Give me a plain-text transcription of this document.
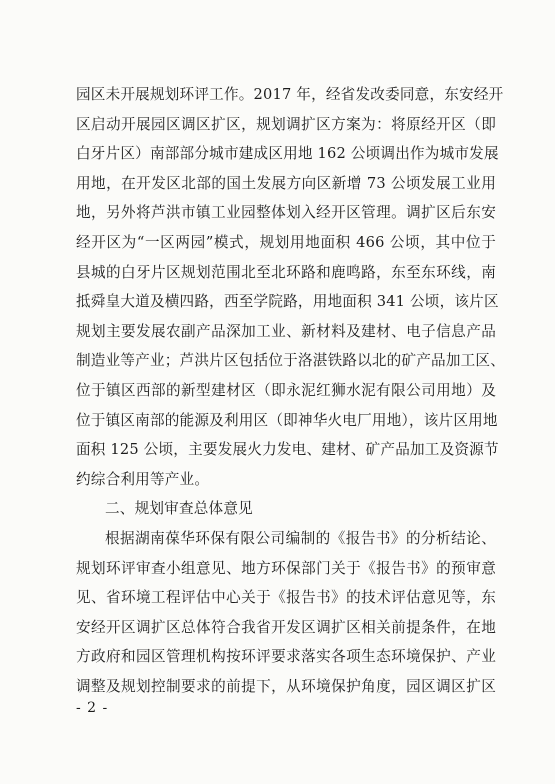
园区未开展规划环评工作。2017 年，经省发改委同意，东安经开
区启动开展园区调区扩区，规划调扩区方案为：将原经开区（即
白牙片区）南部部分城市建成区用地 162 公顷调出作为城市发展
用地，在开发区北部的国土发展方向区新增 73 公顷发展工业用
地，另外将芦洪市镇工业园整体划入经开区管理。调扩区后东安
经开区为“一区两园”模式，规划用地面积 466 公顷，其中位于
县城的白牙片区规划范围北至北环路和鹿鸣路，东至东环线，南
抵舜皇大道及横四路，西至学院路，用地面积 341 公顷，该片区
规划主要发展农副产品深加工业、新材料及建材、电子信息产品
制造业等产业；芦洪片区包括位于洛湛铁路以北的矿产品加工区、
位于镇区西部的新型建材区（即永泥红狮水泥有限公司用地）及
位于镇区南部的能源及利用区（即神华火电厂用地），该片区用地
面积 125 公顷，主要发展火力发电、建材、矿产品加工及资源节
约综合利用等产业。
二、规划审查总体意见
根据湖南葆华环保有限公司编制的《报告书》的分析结论、
规划环评审查小组意见、地方环保部门关于《报告书》的预审意
见、省环境工程评估中心关于《报告书》的技术评估意见等，东
安经开区调扩区总体符合我省开发区调扩区相关前提条件，在地
方政府和园区管理机构按环评要求落实各项生态环境保护、产业
调整及规划控制要求的前提下，从环境保护角度，园区调区扩区
- 2 -
